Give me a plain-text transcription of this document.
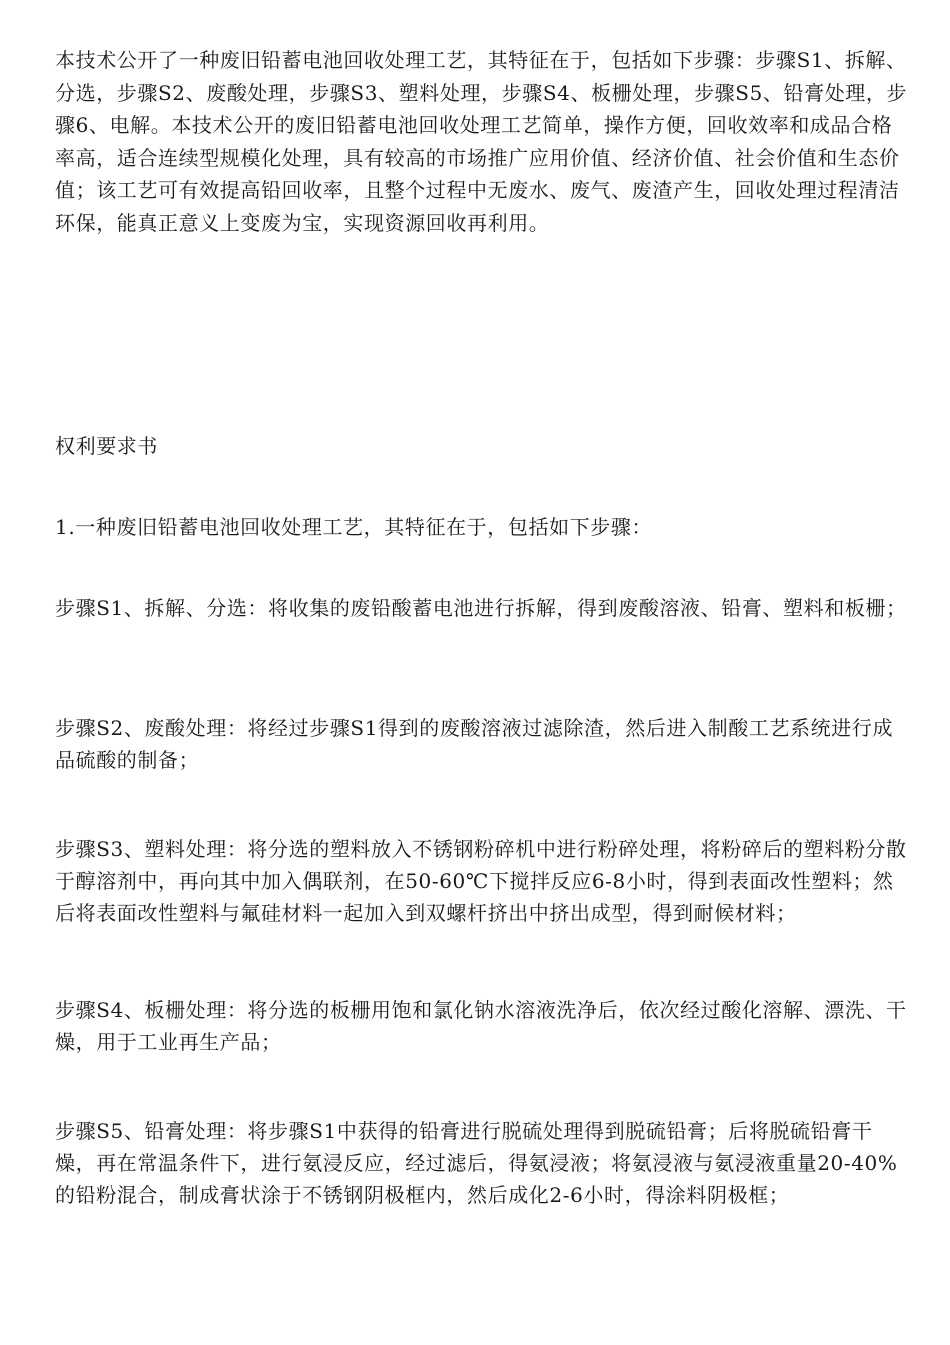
本技术公开了一种废旧铅蓄电池回收处理工艺，其特征在于，包括如下步骤：步骤S1、拆解、分选，步骤S2、废酸处理，步骤S3、塑料处理，步骤S4、板栅处理，步骤S5、铅膏处理，步骤6、电解。本技术公开的废旧铅蓄电池回收处理工艺简单，操作方便，回收效率和成品合格率高，适合连续型规模化处理，具有较高的市场推广应用价值、经济价值、社会价值和生态价值；该工艺可有效提高铅回收率，且整个过程中无废水、废气、废渣产生，回收处理过程清洁环保，能真正意义上变废为宝，实现资源回收再利用。

权利要求书

1.一种废旧铅蓄电池回收处理工艺，其特征在于，包括如下步骤：

步骤S1、拆解、分选：将收集的废铅酸蓄电池进行拆解，得到废酸溶液、铅膏、塑料和板栅；

步骤S2、废酸处理：将经过步骤S1得到的废酸溶液过滤除渣，然后进入制酸工艺系统进行成品硫酸的制备；

步骤S3、塑料处理：将分选的塑料放入不锈钢粉碎机中进行粉碎处理，将粉碎后的塑料粉分散于醇溶剂中，再向其中加入偶联剂，在50-60℃下搅拌反应6-8小时，得到表面改性塑料；然后将表面改性塑料与氟硅材料一起加入到双螺杆挤出中挤出成型，得到耐候材料；

步骤S4、板栅处理：将分选的板栅用饱和氯化钠水溶液洗净后，依次经过酸化溶解、漂洗、干燥，用于工业再生产品；

步骤S5、铅膏处理：将步骤S1中获得的铅膏进行脱硫处理得到脱硫铅膏；后将脱硫铅膏干燥，再在常温条件下，进行氨浸反应，经过滤后，得氨浸液；将氨浸液与氨浸液重量20-40%的铅粉混合，制成膏状涂于不锈钢阴极框内，然后成化2-6小时，得涂料阴极框；
